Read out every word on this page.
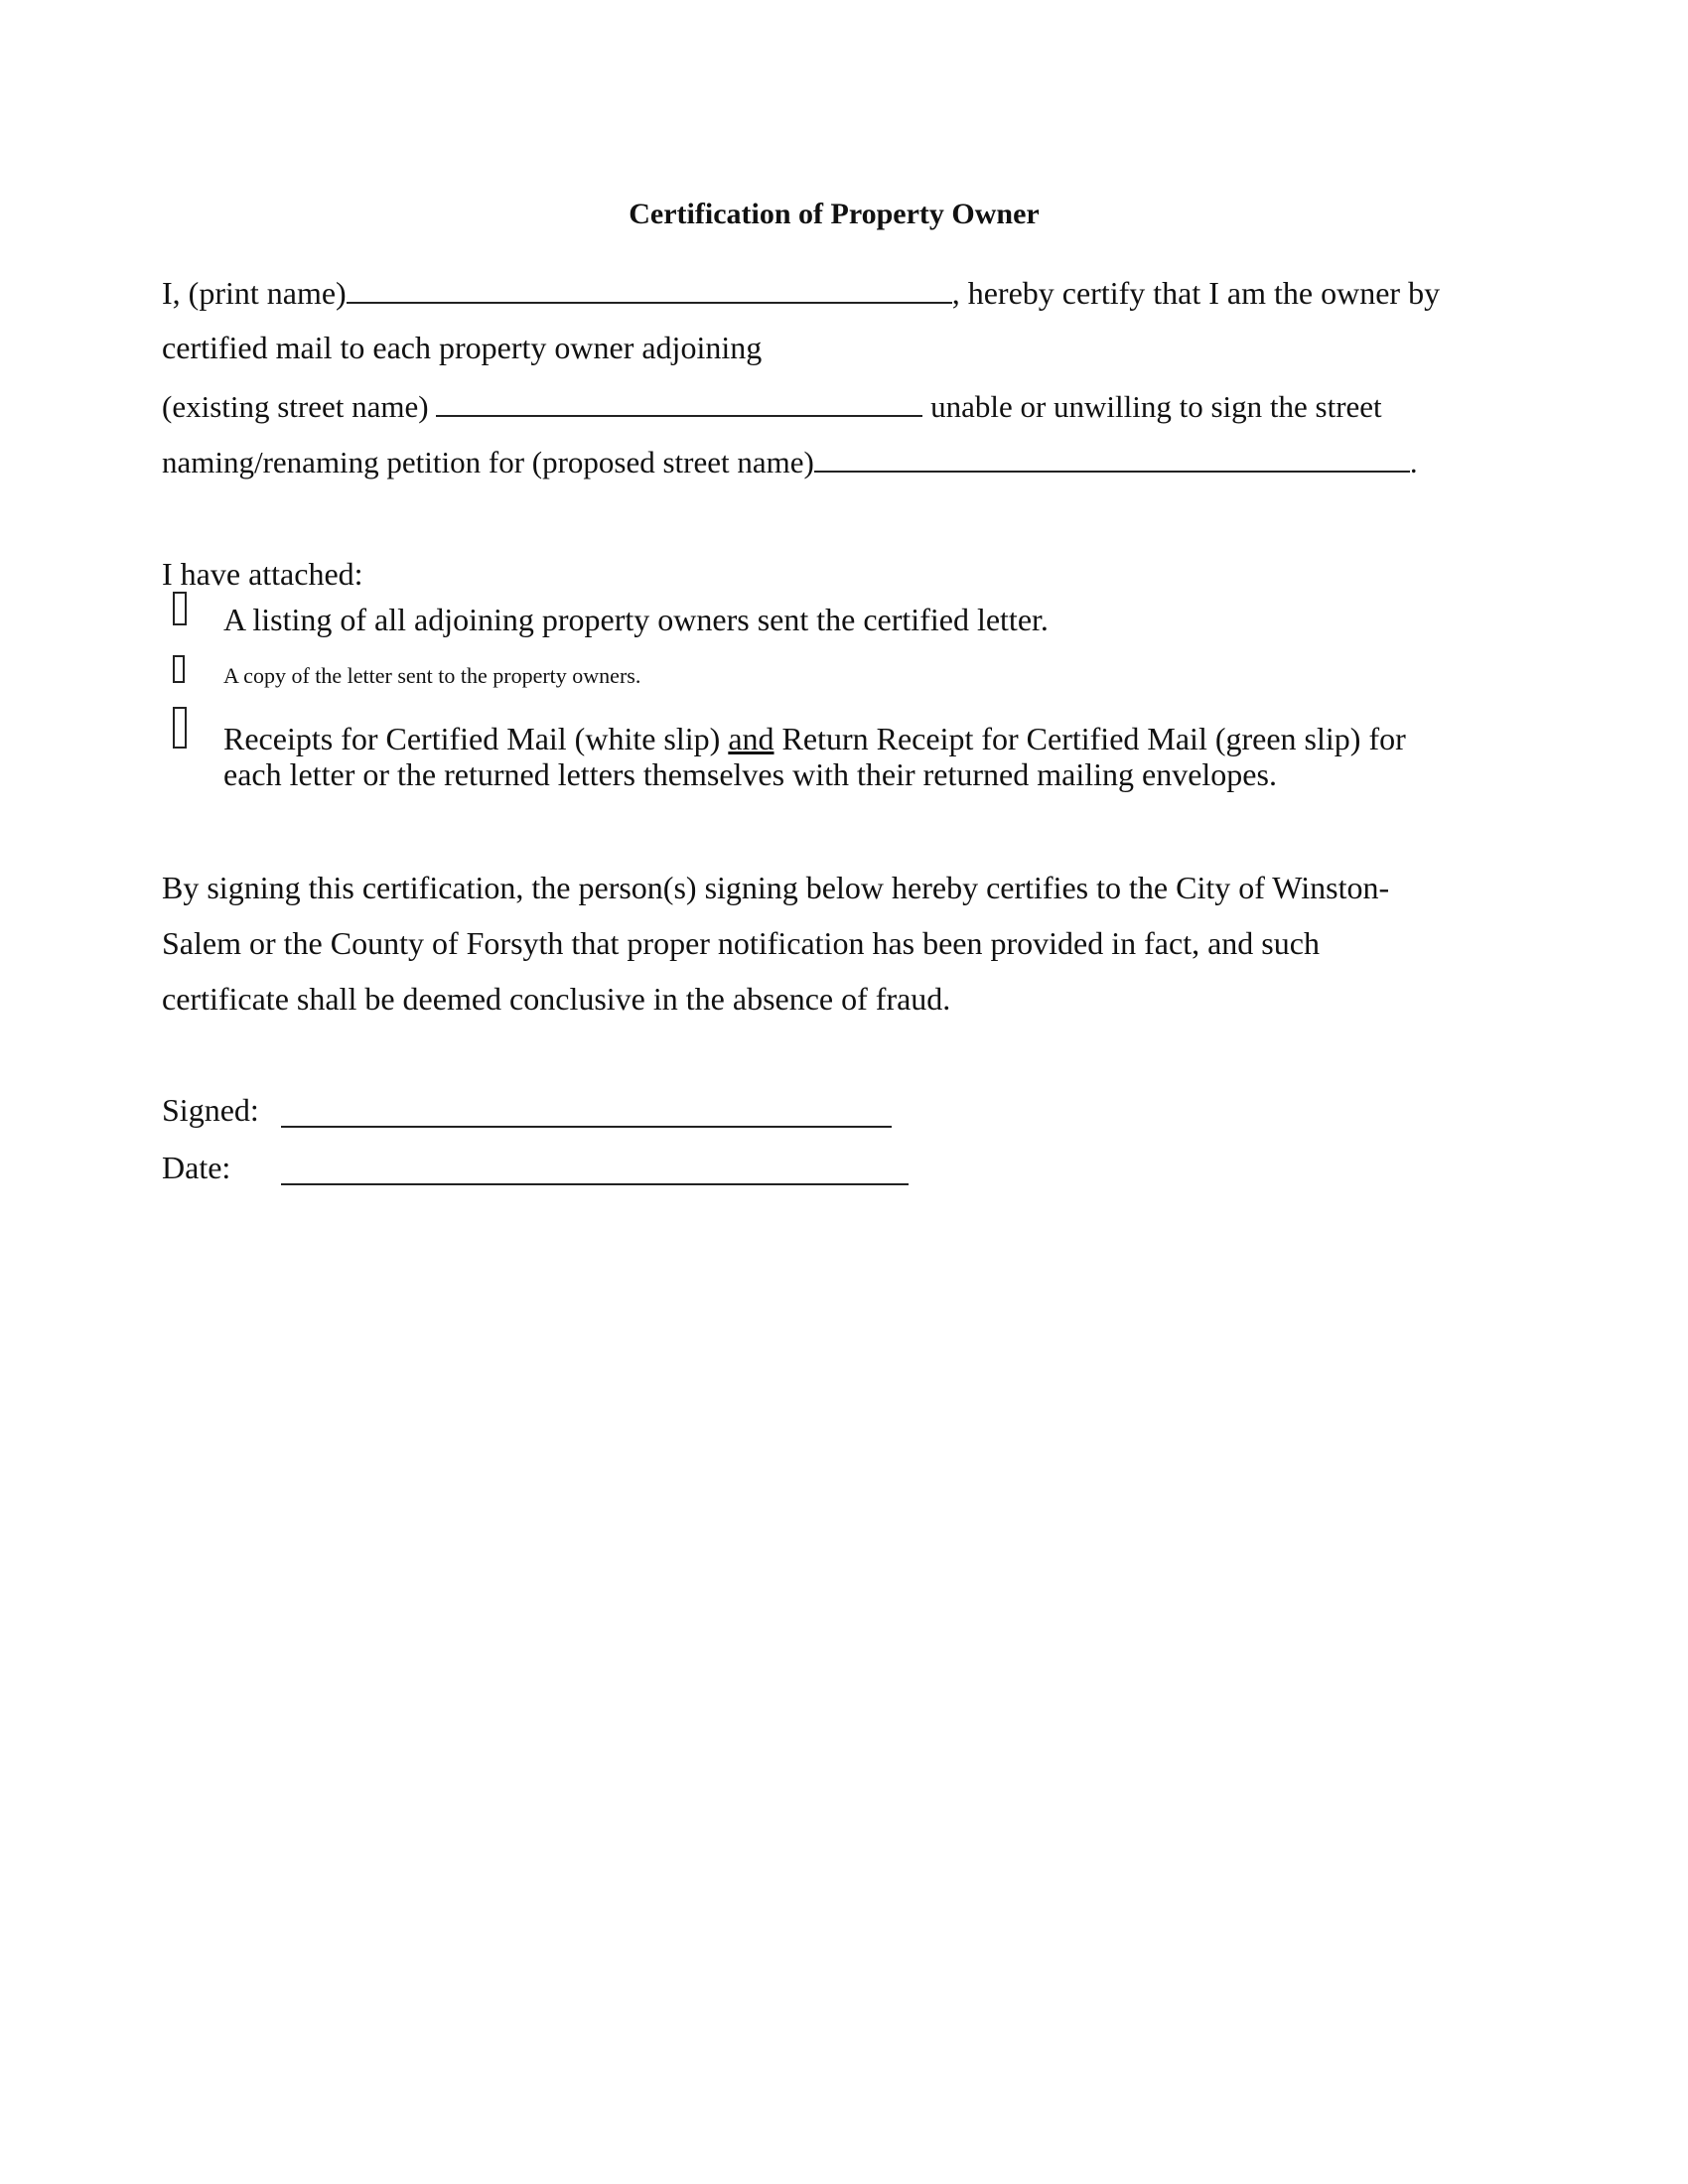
Certification of Property Owner
I, (print name)	, hereby certify that I am the owner by
certified mail to each property owner adjoining
(existing street name)	unable or unwilling to sign the street
naming/renaming petition for (proposed street name)	.
I have attached:
A listing of all adjoining property owners sent the certified letter.
A copy of the letter sent to the property owners.
Receipts for Certified Mail (white slip) and Return Receipt for Certified Mail (green slip) for
each letter or the returned letters themselves with their returned mailing envelopes.
By signing this certification, the person(s) signing below hereby certifies to the City of Winston-
Salem or the County of Forsyth that proper notification has been provided in fact, and such
certificate shall be deemed conclusive in the absence of fraud.
Signed:
Date:
